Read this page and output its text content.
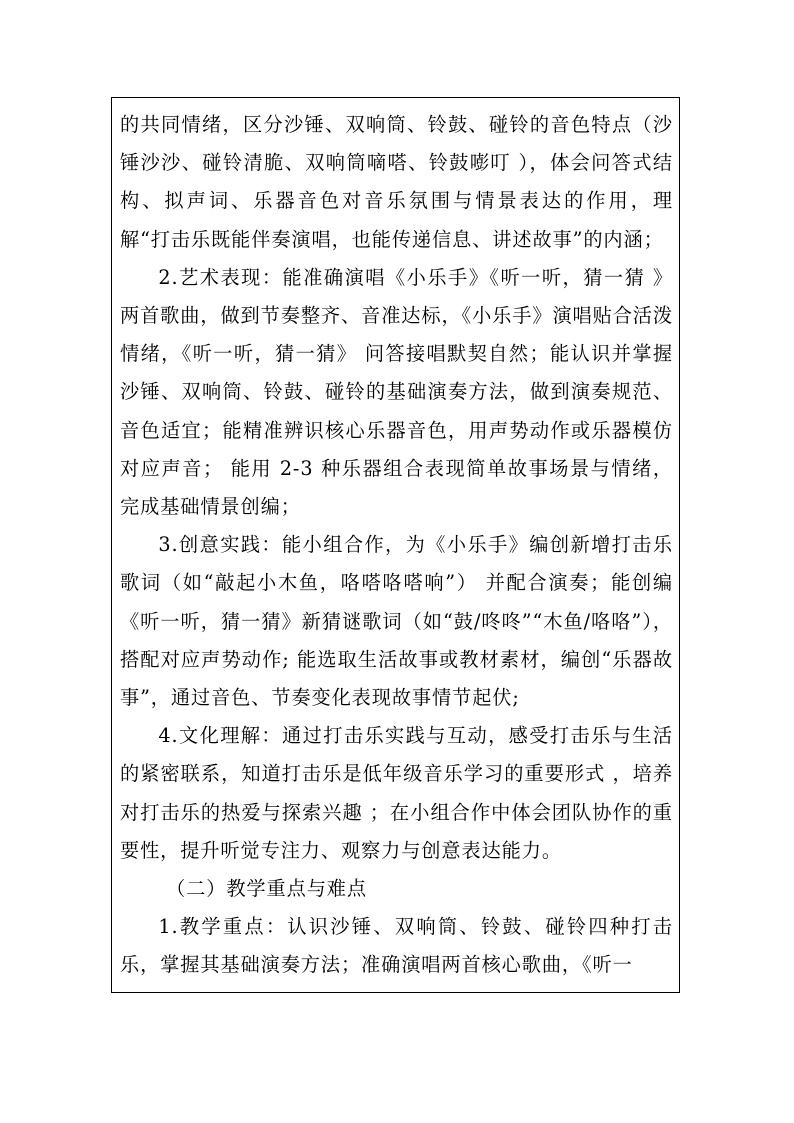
的共同情绪，区分沙锤、双响筒、铃鼓、碰铃的音色特点（沙锤沙沙、碰铃清脆、双响筒嘀嗒、铃鼓嘭叮 ），体会问答式结构、拟声词、乐器音色对音乐氛围与情景表达的作用，理解“打击乐既能伴奏演唱，也能传递信息、讲述故事”的内涵；

2.艺术表现：能准确演唱《小乐手》《听一听，猜一猜 》两首歌曲，做到节奏整齐、音准达标，《小乐手》演唱贴合活泼情绪，《听一听，猜一猜》 问答接唱默契自然；能认识并掌握沙锤、双响筒、铃鼓、碰铃的基础演奏方法，做到演奏规范、音色适宜；能精准辨识核心乐器音色，用声势动作或乐器模仿对应声音； 能用 2-3 种乐器组合表现简单故事场景与情绪，完成基础情景创编；

3.创意实践：能小组合作，为《小乐手》编创新增打击乐歌词（如“敲起小木鱼，咯嗒咯嗒响”） 并配合演奏；能创编《听一听，猜一猜》新猜谜歌词（如“鼓/咚咚”“木鱼/咯咯”），搭配对应声势动作; 能选取生活故事或教材素材，编创“乐器故事”，通过音色、节奏变化表现故事情节起伏;

4.文化理解：通过打击乐实践与互动，感受打击乐与生活的紧密联系，知道打击乐是低年级音乐学习的重要形式 ，培养对打击乐的热爱与探索兴趣 ；在小组合作中体会团队协作的重要性，提升听觉专注力、观察力与创意表达能力。

（二）教学重点与难点

1.教学重点：认识沙锤、双响筒、铃鼓、碰铃四种打击乐，掌握其基础演奏方法；准确演唱两首核心歌曲，《听一
